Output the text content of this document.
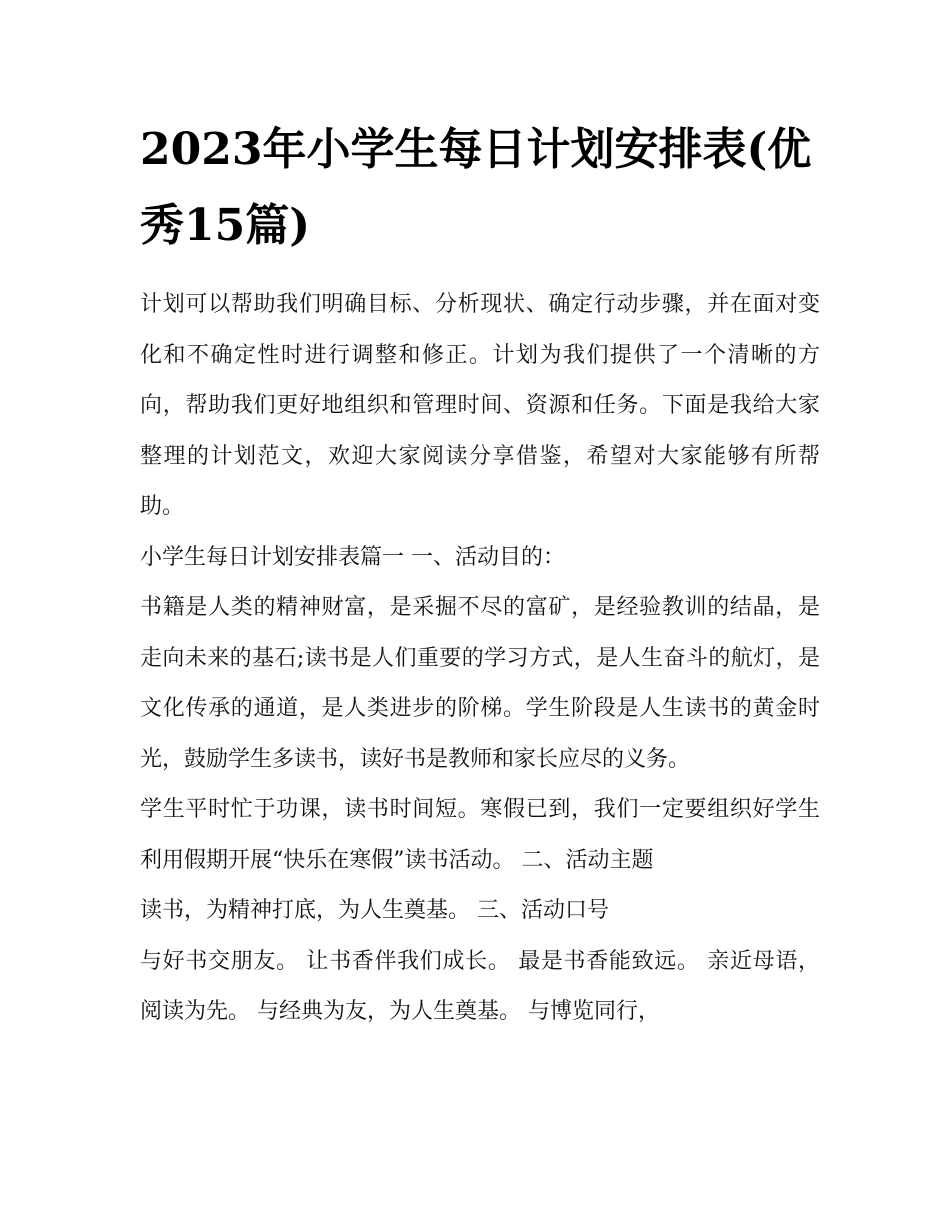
2023年小学生每日计划安排表(优秀15篇)

计划可以帮助我们明确目标、分析现状、确定行动步骤，并在面对变化和不确定性时进行调整和修正。计划为我们提供了一个清晰的方向，帮助我们更好地组织和管理时间、资源和任务。下面是我给大家整理的计划范文，欢迎大家阅读分享借鉴，希望对大家能够有所帮助。

小学生每日计划安排表篇一 一、活动目的：

书籍是人类的精神财富，是采掘不尽的富矿，是经验教训的结晶，是走向未来的基石;读书是人们重要的学习方式，是人生奋斗的航灯，是文化传承的通道，是人类进步的阶梯。学生阶段是人生读书的黄金时光，鼓励学生多读书，读好书是教师和家长应尽的义务。

学生平时忙于功课，读书时间短。寒假已到，我们一定要组织好学生利用假期开展“快乐在寒假”读书活动。 二、活动主题

读书，为精神打底，为人生奠基。 三、活动口号

与好书交朋友。 让书香伴我们成长。 最是书香能致远。 亲近母语，阅读为先。 与经典为友，为人生奠基。 与博览同行，
